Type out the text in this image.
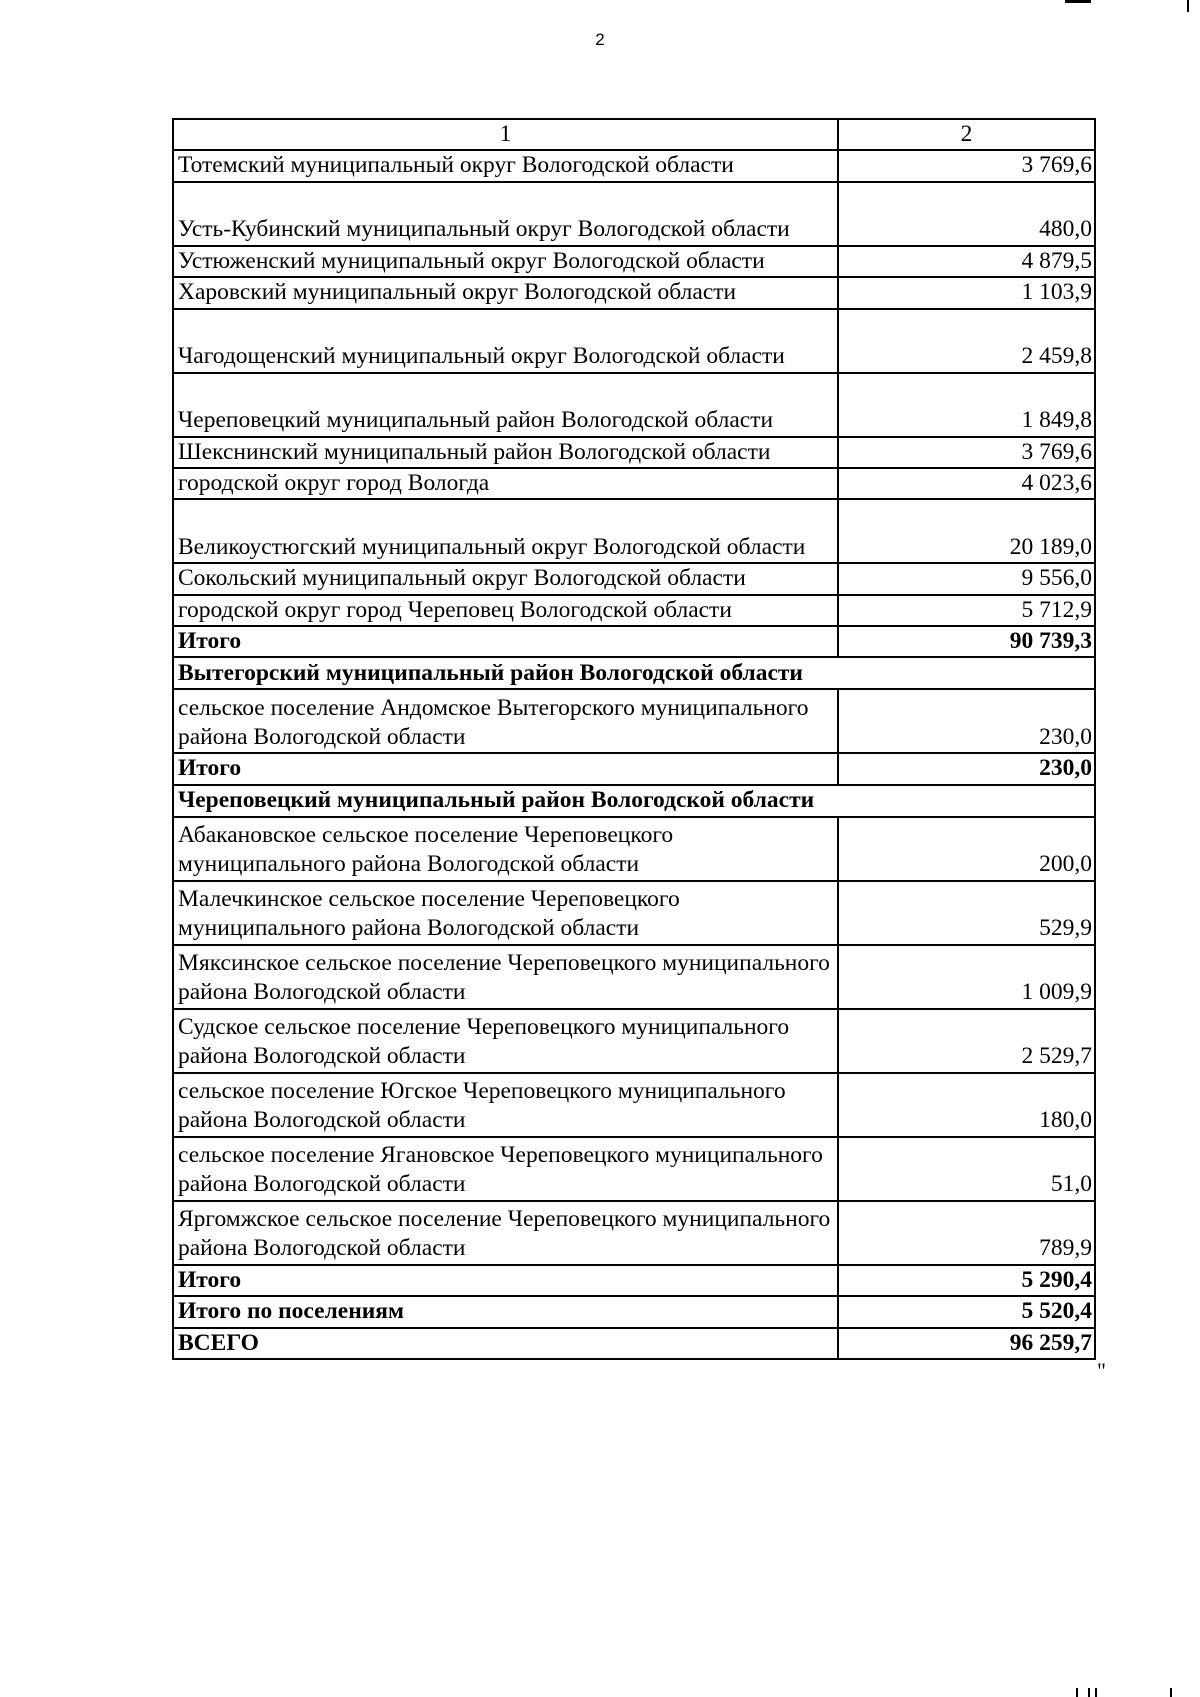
2
1	2
Тотемский муниципальный округ Вологодской области	3 769,6
Усть-Кубинский муниципальный округ Вологодской области	480,0
Устюженский муниципальный округ Вологодской области	4 879,5
Харовский муниципальный округ Вологодской области	1 103,9
Чагодощенский муниципальный округ Вологодской области	2 459,8
Череповецкий муниципальный район Вологодской области	1 849,8
Шекснинский муниципальный район Вологодской области	3 769,6
городской округ город Вологда	4 023,6
Великоустюгский муниципальный округ Вологодской области	20 189,0
Сокольский муниципальный округ Вологодской области	9 556,0
городской округ город Череповец Вологодской области	5 712,9
Итого	90 739,3
Вытегорский муниципальный район Вологодской области	
сельское поселение Андомское Вытегорского муниципального района Вологодской области	230,0
Итого	230,0
Череповецкий муниципальный район Вологодской области	
Абакановское сельское поселение Череповецкого муниципального района Вологодской области	200,0
Малечкинское сельское поселение Череповецкого муниципального района Вологодской области	529,9
Мяксинское сельское поселение Череповецкого муниципального района Вологодской области	1 009,9
Судское сельское поселение Череповецкого муниципального района Вологодской области	2 529,7
сельское поселение Югское Череповецкого муниципального района Вологодской области	180,0
сельское поселение Ягановское Череповецкого муниципального района Вологодской области	51,0
Яргомжское сельское поселение Череповецкого муниципального района Вологодской области	789,9
Итого	5 290,4
Итого по поселениям	5 520,4
ВСЕГО	96 259,7
"
